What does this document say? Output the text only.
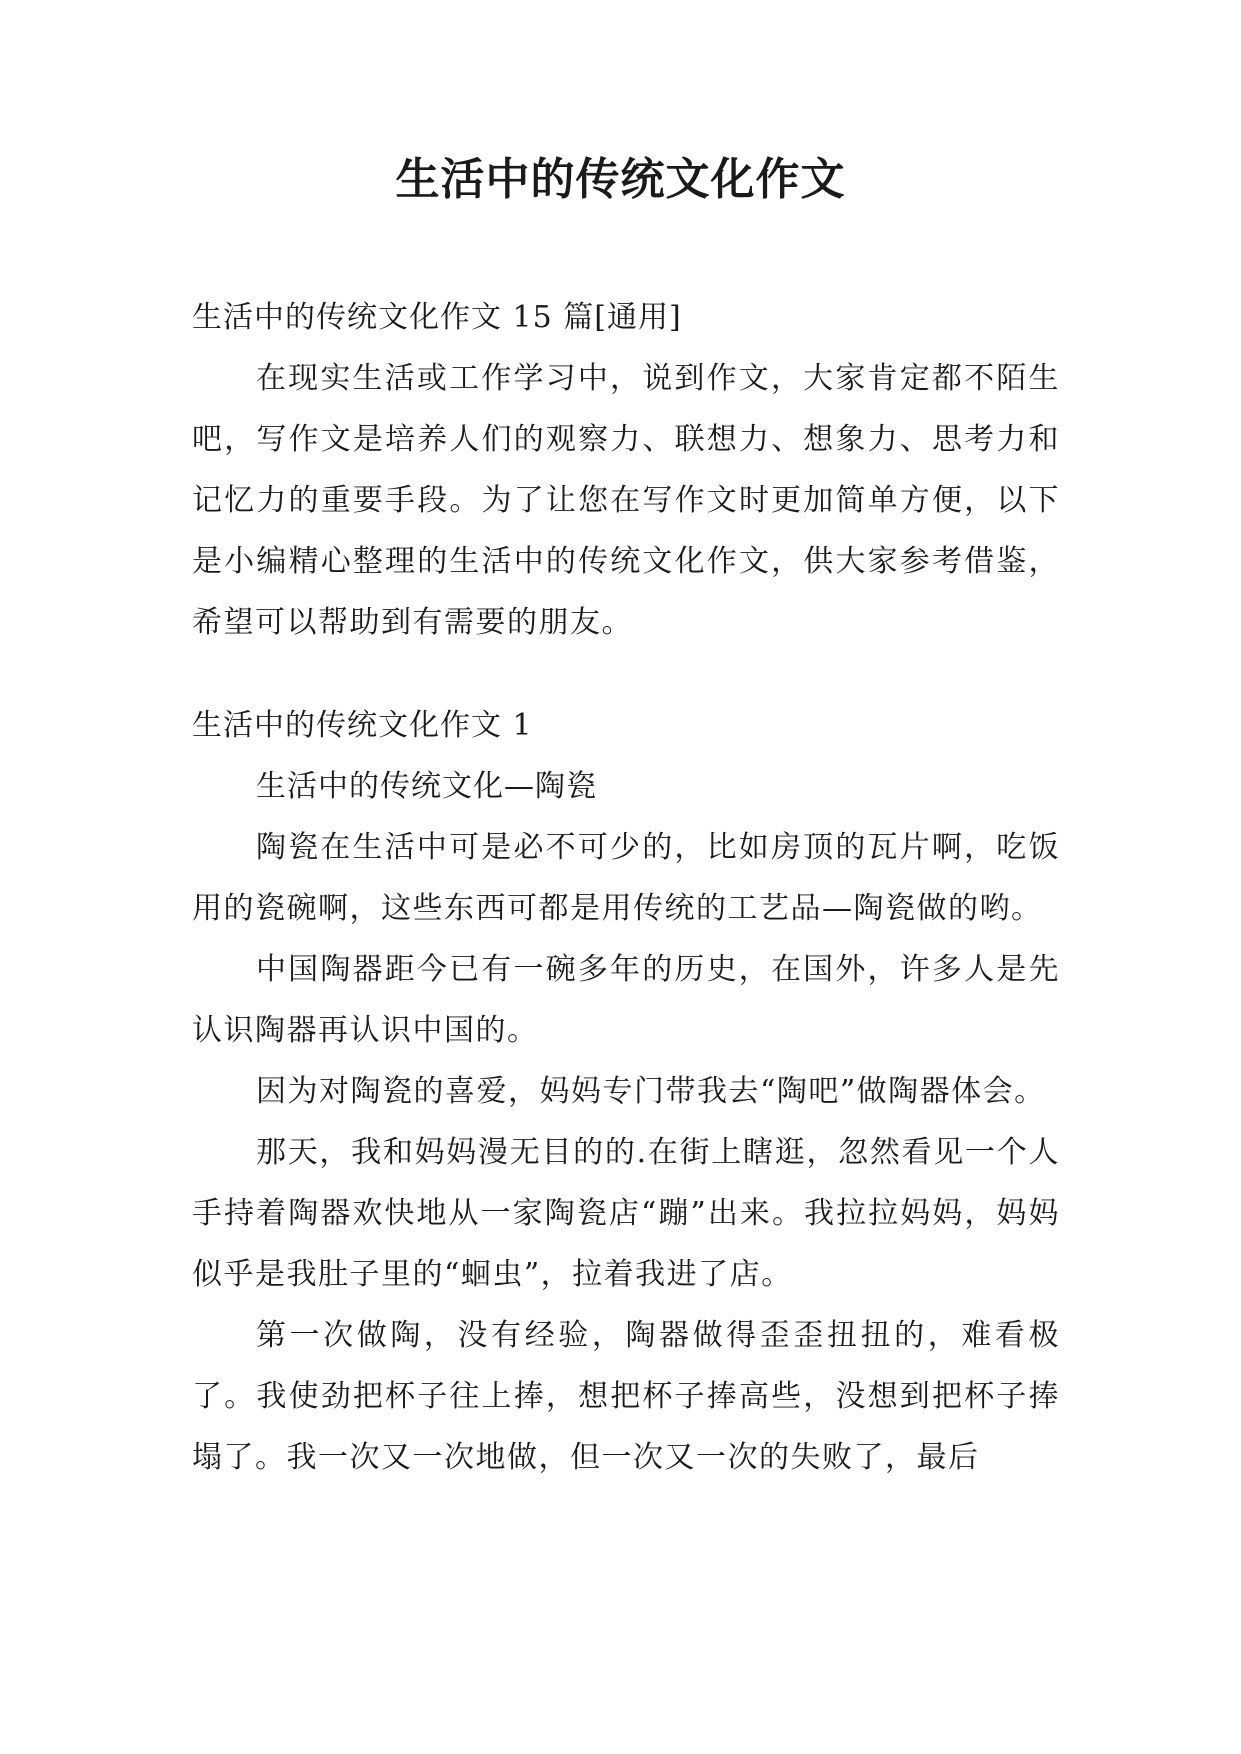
生活中的传统文化作文

生活中的传统文化作文 15 篇[通用]

在现实生活或工作学习中，说到作文，大家肯定都不陌生吧，写作文是培养人们的观察力、联想力、想象力、思考力和记忆力的重要手段。为了让您在写作文时更加简单方便，以下是小编精心整理的生活中的传统文化作文，供大家参考借鉴，希望可以帮助到有需要的朋友。

生活中的传统文化作文 1

生活中的传统文化—陶瓷

陶瓷在生活中可是必不可少的，比如房顶的瓦片啊，吃饭用的瓷碗啊，这些东西可都是用传统的工艺品—陶瓷做的哟。

中国陶器距今已有一碗多年的历史，在国外，许多人是先认识陶器再认识中国的。

因为对陶瓷的喜爱，妈妈专门带我去“陶吧”做陶器体会。

那天，我和妈妈漫无目的的.在街上瞎逛，忽然看见一个人手持着陶器欢快地从一家陶瓷店“蹦”出来。我拉拉妈妈，妈妈似乎是我肚子里的“蛔虫”，拉着我进了店。

第一次做陶，没有经验，陶器做得歪歪扭扭的，难看极了。我使劲把杯子往上捧，想把杯子捧高些，没想到把杯子捧塌了。我一次又一次地做，但一次又一次的失败了，最后
